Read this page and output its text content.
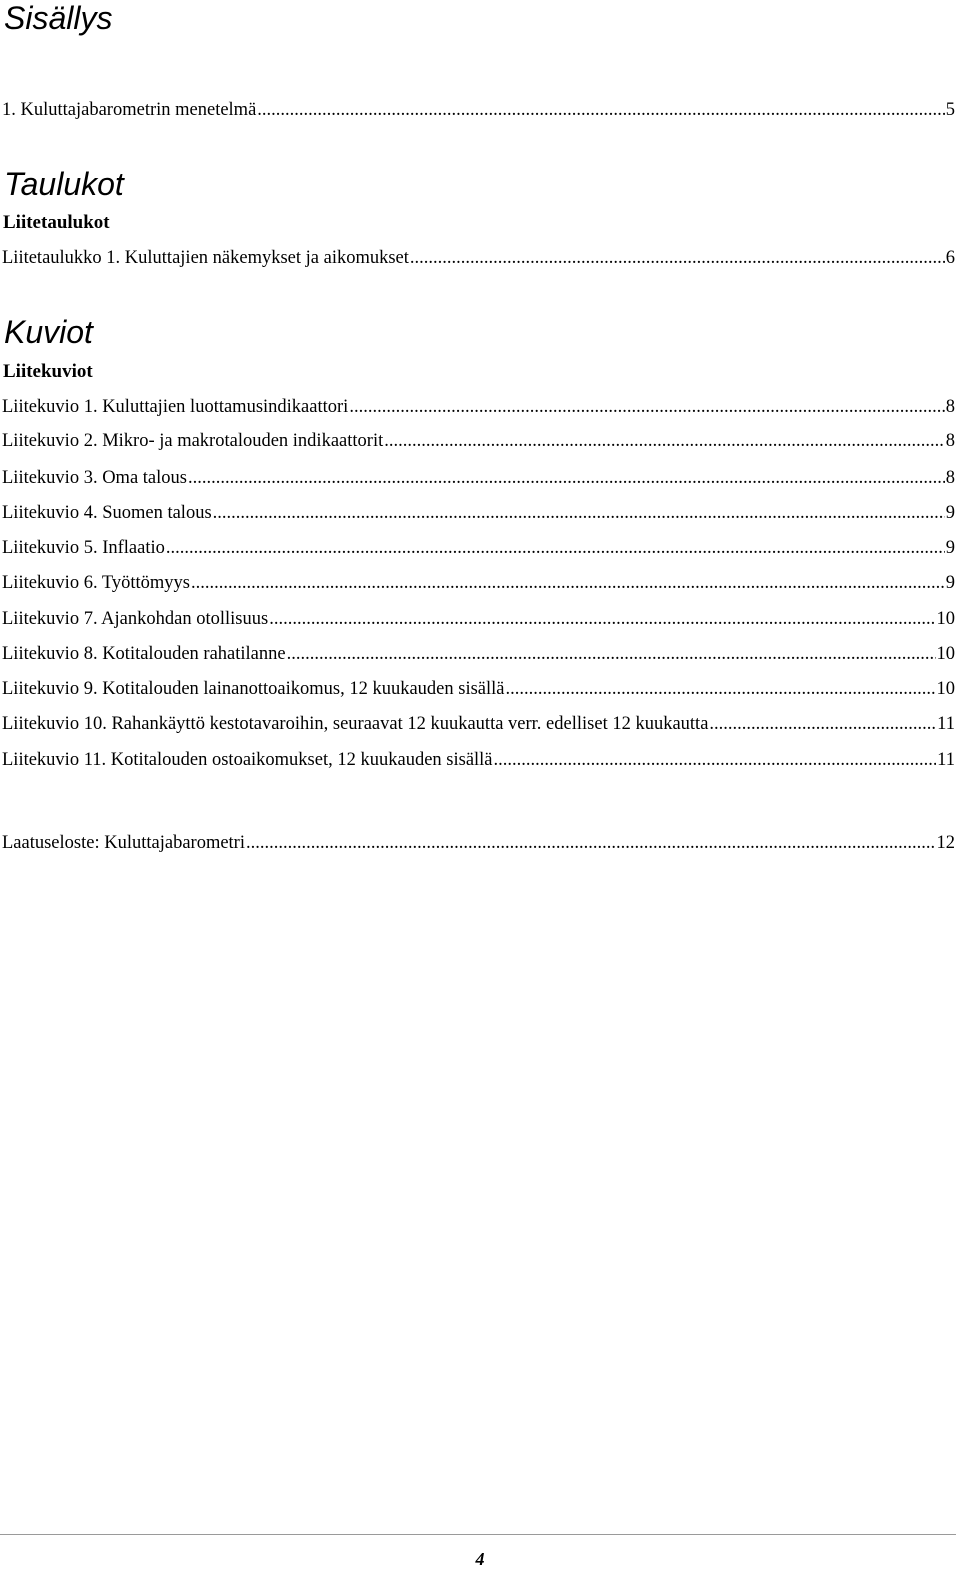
Sisällys
1. Kuluttajabarometrin menetelmä .....	5
Taulukot
Liitetaulukot
Liitetaulukko 1. Kuluttajien näkemykset ja aikomukset .....	6
Kuviot
Liitekuviot
Liitekuvio 1. Kuluttajien luottamusindikaattori .....	8
Liitekuvio 2. Mikro- ja makrotalouden indikaattorit .....	8
Liitekuvio 3. Oma talous .....	8
Liitekuvio 4. Suomen talous .....	9
Liitekuvio 5. Inflaatio .....	9
Liitekuvio 6. Työttömyys .....	9
Liitekuvio 7. Ajankohdan otollisuus .....	10
Liitekuvio 8. Kotitalouden rahatilanne .....	10
Liitekuvio 9. Kotitalouden lainanottoaikomus, 12 kuukauden sisällä .....	10
Liitekuvio 10. Rahankäyttö kestotavaroihin, seuraavat 12 kuukautta verr. edelliset 12 kuukautta .....	11
Liitekuvio 11. Kotitalouden ostoaikomukset, 12 kuukauden sisällä .....	11
Laatuseloste: Kuluttajabarometri .....	12
4
